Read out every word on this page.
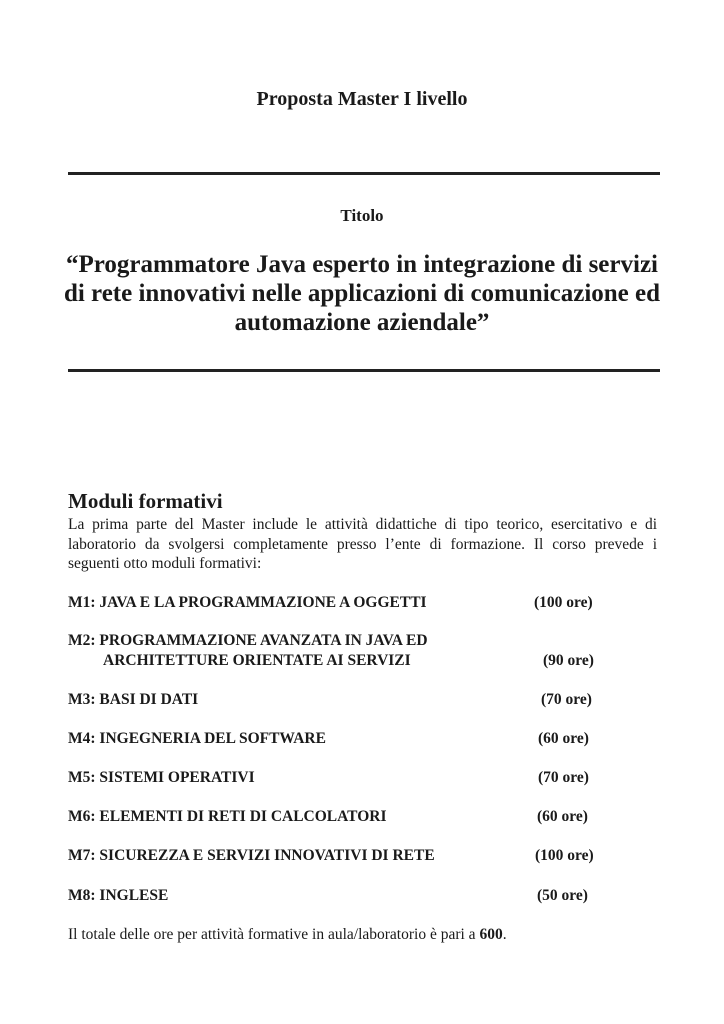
Proposta Master I livello
Titolo
“Programmatore Java esperto in integrazione di servizi
di rete innovativi nelle applicazioni di comunicazione ed
automazione aziendale”
Moduli formativi
La prima parte del Master include le attività didattiche di tipo teorico, esercitativo e di laboratorio da svolgersi completamente presso l’ente di formazione. Il corso prevede i seguenti otto moduli formativi:
M1: JAVA E LA PROGRAMMAZIONE A OGGETTI	(100 ore)
M2: PROGRAMMAZIONE AVANZATA IN JAVA ED
ARCHITETTURE ORIENTATE AI SERVIZI	(90 ore)
M3: BASI DI DATI	(70 ore)
M4: INGEGNERIA DEL SOFTWARE	(60 ore)
M5: SISTEMI OPERATIVI	(70 ore)
M6: ELEMENTI DI RETI DI CALCOLATORI	(60 ore)
M7: SICUREZZA E SERVIZI INNOVATIVI DI RETE	(100 ore)
M8: INGLESE	(50 ore)
Il totale delle ore per attività formative in aula/laboratorio è pari a 600.
